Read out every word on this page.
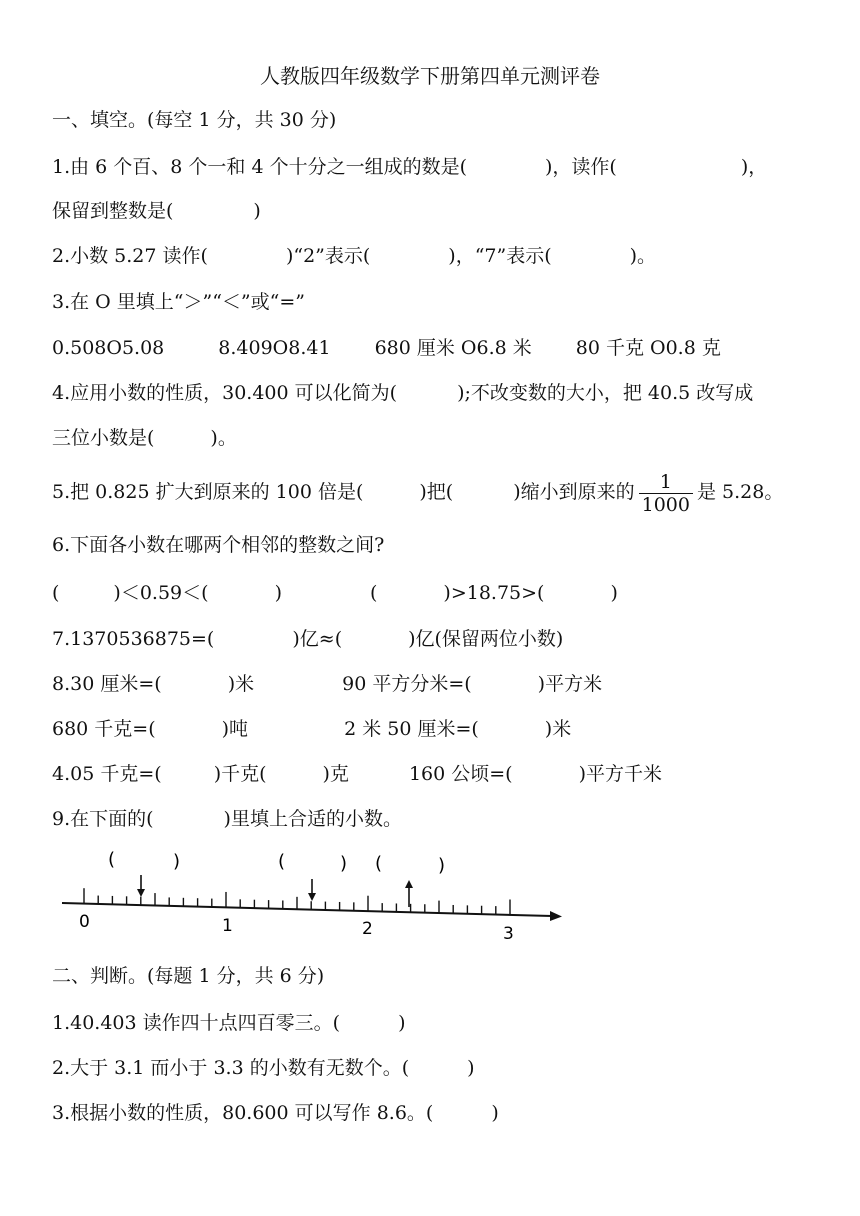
人教版四年级数学下册第四单元测评卷
一、填空。(每空 1 分，共 30 分)
1.由 6 个百、8 个一和 4 个十分之一组成的数是(	)，读作(	)，
保留到整数是(	)
2.小数 5.27 读作(	)“2”表示(	)，“7”表示(	)。
3.在 O 里填上“＞”“＜”或“=”
0.508O5.08	8.409O8.41 680 厘米 O6.8 米 80 千克 O0.8 克
4.应用小数的性质，30.400 可以化简为(	);不改变数的大小，把 40.5 改写成
三位小数是(	)。
5.把 0.825 扩大到原来的 100 倍是(	)把(	)缩小到原来的 $\frac{1}{1000}$ 是 5.28。
6.下面各小数在哪两个相邻的整数之间?
(	)＜0.59＜(	)	(	)>18.75>(	)
7.1370536875=(	)亿≈(	)亿(保留两位小数)
8.30 厘米=(	)米	90 平方分米=(	)平方米
680 千克=(	)吨	2 米 50 厘米=(	)米
4.05 千克=(	)千克(	)克	160 公顷=(	)平方千米
9.在下面的(	)里填上合适的小数。
0	1	2	3
(	)	(	) (	)
二、判断。(每题 1 分，共 6 分)
1.40.403 读作四十点四百零三。(	)
2.大于 3.1 而小于 3.3 的小数有无数个。(	)
3.根据小数的性质，80.600 可以写作 8.6。(	)
